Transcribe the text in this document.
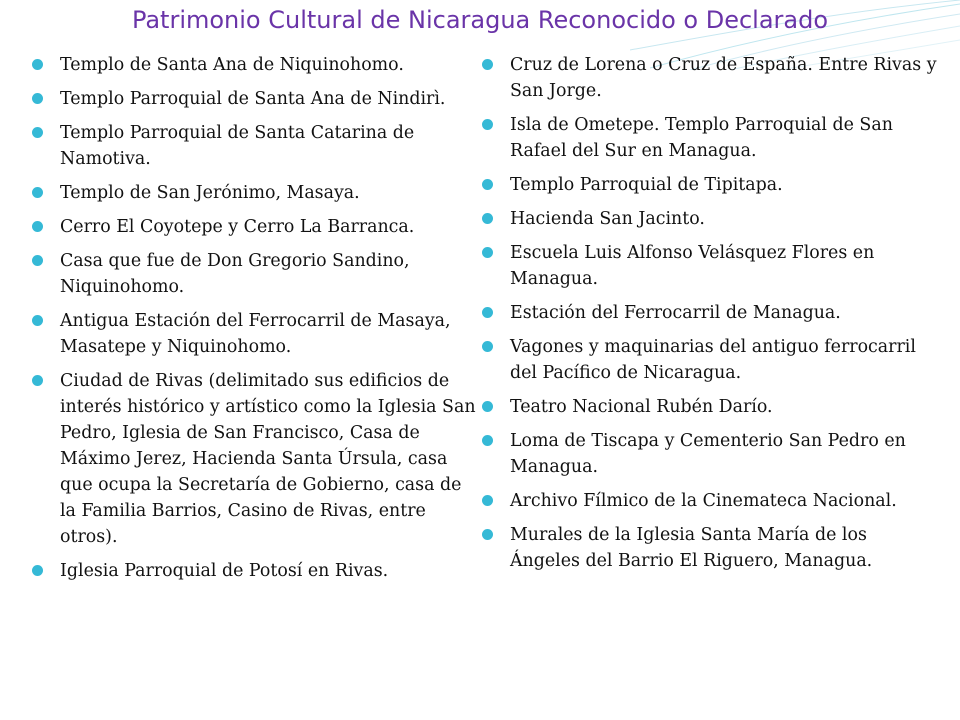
Patrimonio Cultural de Nicaragua Reconocido o Declarado
Templo de Santa Ana de Niquinohomo.
Templo Parroquial de Santa Ana de Nindirì.
Templo Parroquial de Santa Catarina de Namotiva.
Templo de San Jerónimo, Masaya.
Cerro El Coyotepe y Cerro La Barranca.
Casa que fue de Don Gregorio Sandino, Niquinohomo.
Antigua Estación del Ferrocarril de Masaya, Masatepe y Niquinohomo.
Ciudad de Rivas (delimitado sus edificios de interés histórico y artístico como la Iglesia San Pedro, Iglesia de San Francisco, Casa de Máximo Jerez, Hacienda Santa Úrsula, casa que ocupa la Secretaría de Gobierno, casa de la Familia Barrios, Casino de Rivas, entre otros).
Iglesia Parroquial de Potosí en Rivas.
Cruz de Lorena o Cruz de España. Entre Rivas y San Jorge.
Isla de Ometepe. Templo Parroquial de San Rafael del Sur en Managua.
Templo Parroquial de Tipitapa.
Hacienda San Jacinto.
Escuela Luis Alfonso Velásquez Flores en Managua.
Estación del Ferrocarril de Managua.
Vagones y maquinarias del antiguo ferrocarril del Pacífico de Nicaragua.
Teatro Nacional Rubén Darío.
Loma de Tiscapa y Cementerio San Pedro en Managua.
Archivo Fílmico de la Cinemateca Nacional.
Murales de la Iglesia Santa María de los Ángeles del Barrio El Riguero, Managua.
